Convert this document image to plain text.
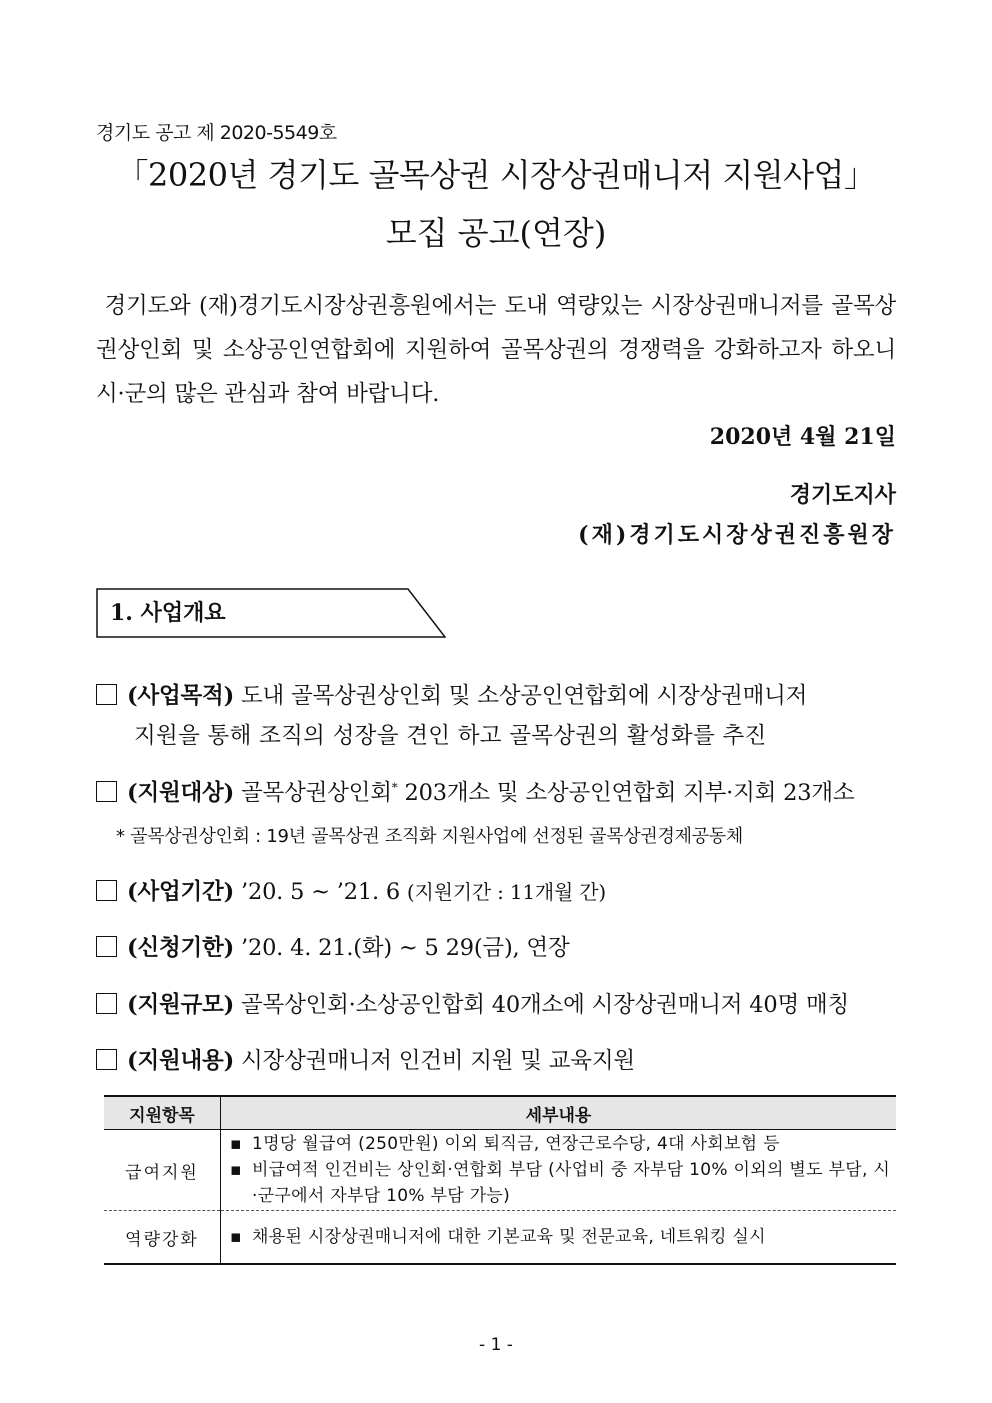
경기도 공고 제 2020-5549호
「2020년 경기도 골목상권 시장상권매니저 지원사업」
모집 공고(연장)
경기도와 (재)경기도시장상권흥원에서는 도내 역량있는 시장상권매니저를 골목상권상인회 및 소상공인연합회에 지원하여 골목상권의 경쟁력을 강화하고자 하오니 시·군의 많은 관심과 참여 바랍니다.
2020년 4월 21일
경기도지사
(재)경기도시장상권진흥원장
1. 사업개요
(사업목적) 도내 골목상권상인회 및 소상공인연합회에 시장상권매니저
지원을 통해 조직의 성장을 견인 하고 골목상권의 활성화를 추진
(지원대상) 골목상권상인회* 203개소 및 소상공인연합회 지부·지회 23개소
* 골목상권상인회 : 19년 골목상권 조직화 지원사업에 선정된 골목상권경제공동체
(사업기간) ’20. 5 ~ ’21. 6 (지원기간 : 11개월 간)
(신청기한) ’20. 4. 21.(화) ~ 5 29(금), 연장
(지원규모) 골목상인회·소상공인합회 40개소에 시장상권매니저 40명 매칭
(지원내용) 시장상권매니저 인건비 지원 및 교육지원
지원항목	세부내용
급여지원	▪ 1명당 월급여 (250만원) 이외 퇴직금, 연장근로수당, 4대 사회보험 등
▪ 비급여적 인건비는 상인회·연합회 부담 (사업비 중 자부담 10% 이외의 별도 부담, 시·군구에서 자부담 10% 부담 가능)

역량강화	▪ 채용된 시장상권매니저에 대한 기본교육 및 전문교육, 네트워킹 실시
- 1 -
